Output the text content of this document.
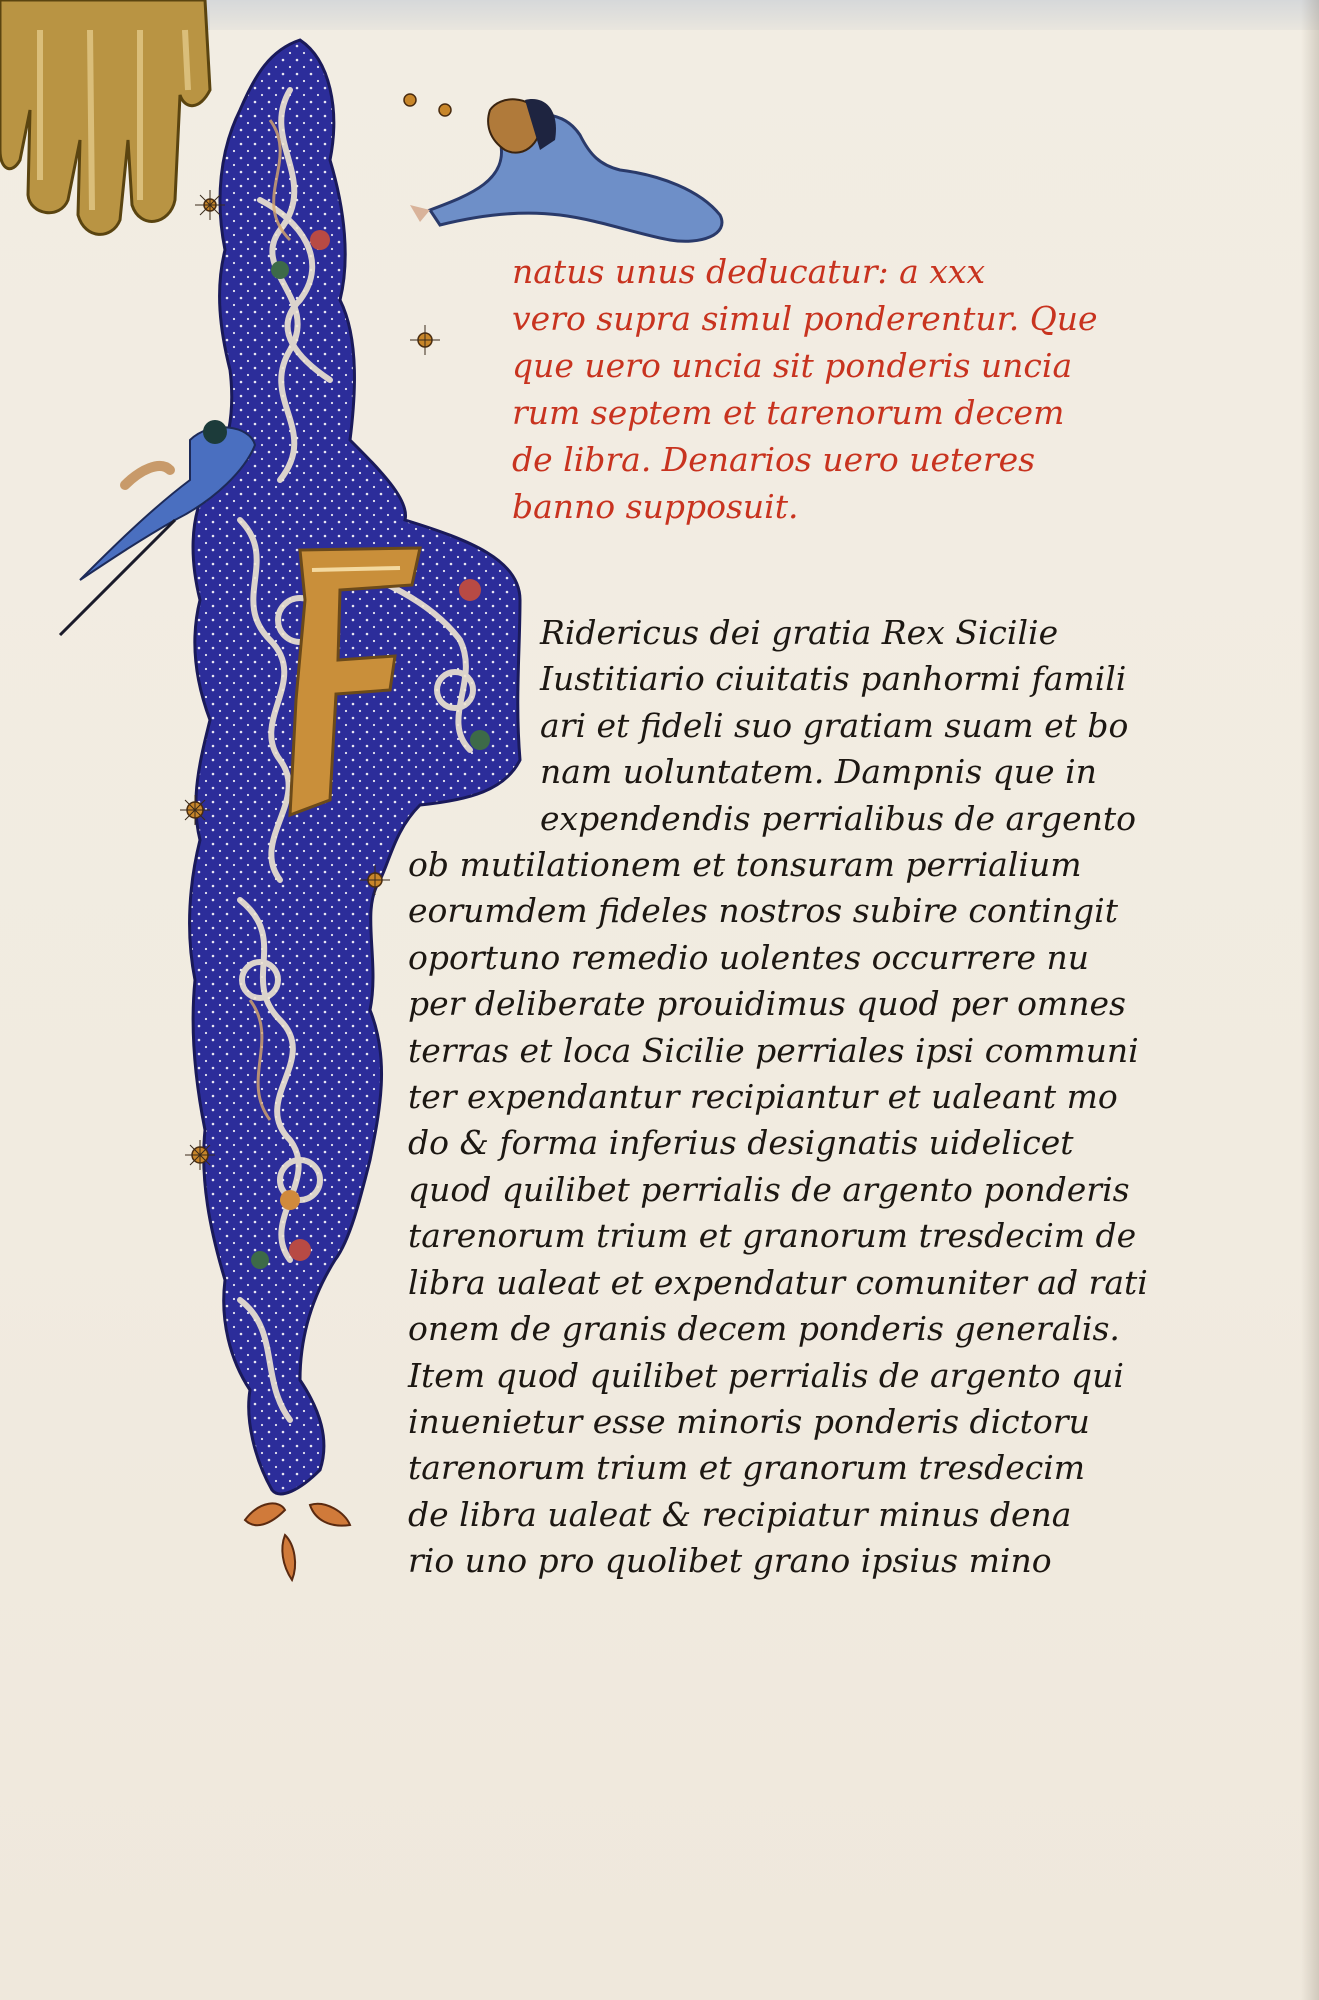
natus unus deducatur: a xxx
vero supra simul ponderentur. Que
que uero uncia sit ponderis uncia
rum septem et tarenorum decem
de libra. Denarios uero ueteres
banno supposuit.
Ridericus dei gratia Rex Sicilie
Iustitiario ciuitatis panhormi famili
ari et fideli suo gratiam suam et bo
nam uoluntatem. Dampnis que in
expendendis perrialibus de argento
ob mutilationem et tonsuram perrialium
eorumdem fideles nostros subire contingit
oportuno remedio uolentes occurrere nu
per deliberate prouidimus quod per omnes
terras et loca Sicilie perriales ipsi communi
ter expendantur recipiantur et ualeant mo
do & forma inferius designatis uidelicet
quod quilibet perrialis de argento ponderis
tarenorum trium et granorum tresdecim de
libra ualeat et expendatur comuniter ad rati
onem de granis decem ponderis generalis.
Item quod quilibet perrialis de argento qui
inuenietur esse minoris ponderis dictoru
tarenorum trium et granorum tresdecim
de libra ualeat & recipiatur minus dena
rio uno pro quolibet grano ipsius mino
